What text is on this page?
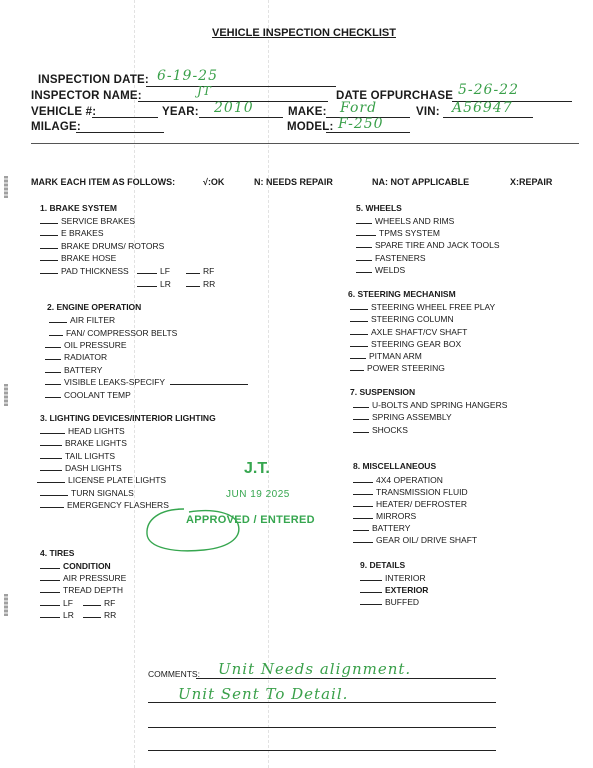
VEHICLE INSPECTION CHECKLIST
INSPECTION DATE: 6-19-25
INSPECTOR NAME:	JT	DATE OFPURCHASE 5-26-22
VEHICLE #:	YEAR: 2010	MAKE: Ford	VIN: A56947
MILAGE:	MODEL: F-250
MARK EACH ITEM AS FOLLOWS:	√:OK	N: NEEDS REPAIR	NA: NOT APPLICABLE	X:REPAIR
1. BRAKE SYSTEM
SERVICE BRAKES
E BRAKES
BRAKE DRUMS/ ROTORS
BRAKE HOSE
PAD THICKNESS	LF	RF
LR	RR
2. ENGINE OPERATION
AIR FILTER
FAN/ COMPRESSOR BELTS
OIL PRESSURE
RADIATOR
BATTERY
VISIBLE LEAKS-SPECIFY
COOLANT TEMP
3. LIGHTING DEVICES/INTERIOR LIGHTING
HEAD LIGHTS
BRAKE LIGHTS
TAIL LIGHTS
DASH LIGHTS
LICENSE PLATE LIGHTS
TURN SIGNALS
EMERGENCY FLASHERS
4. TIRES
CONDITION
AIR PRESSURE
TREAD DEPTH
LF	RF
LR	RR
5. WHEELS
WHEELS AND RIMS
TPMS SYSTEM
SPARE TIRE AND JACK TOOLS
FASTENERS
WELDS
6. STEERING MECHANISM
STEERING WHEEL FREE PLAY
STEERING COLUMN
AXLE SHAFT/CV SHAFT
STEERING GEAR BOX
PITMAN ARM
POWER STEERING
7. SUSPENSION
U-BOLTS AND SPRING HANGERS
SPRING ASSEMBLY
SHOCKS
8. MISCELLANEOUS
4X4 OPERATION
TRANSMISSION FLUID
HEATER/ DEFROSTER
MIRRORS
BATTERY
GEAR OIL/ DRIVE SHAFT
9. DETAILS
INTERIOR
EXTERIOR
BUFFED
J.T.
JUN 19 2025
APPROVED / ENTERED
COMMENTS: Unit Needs alignment.
Unit Sent To Detail.
